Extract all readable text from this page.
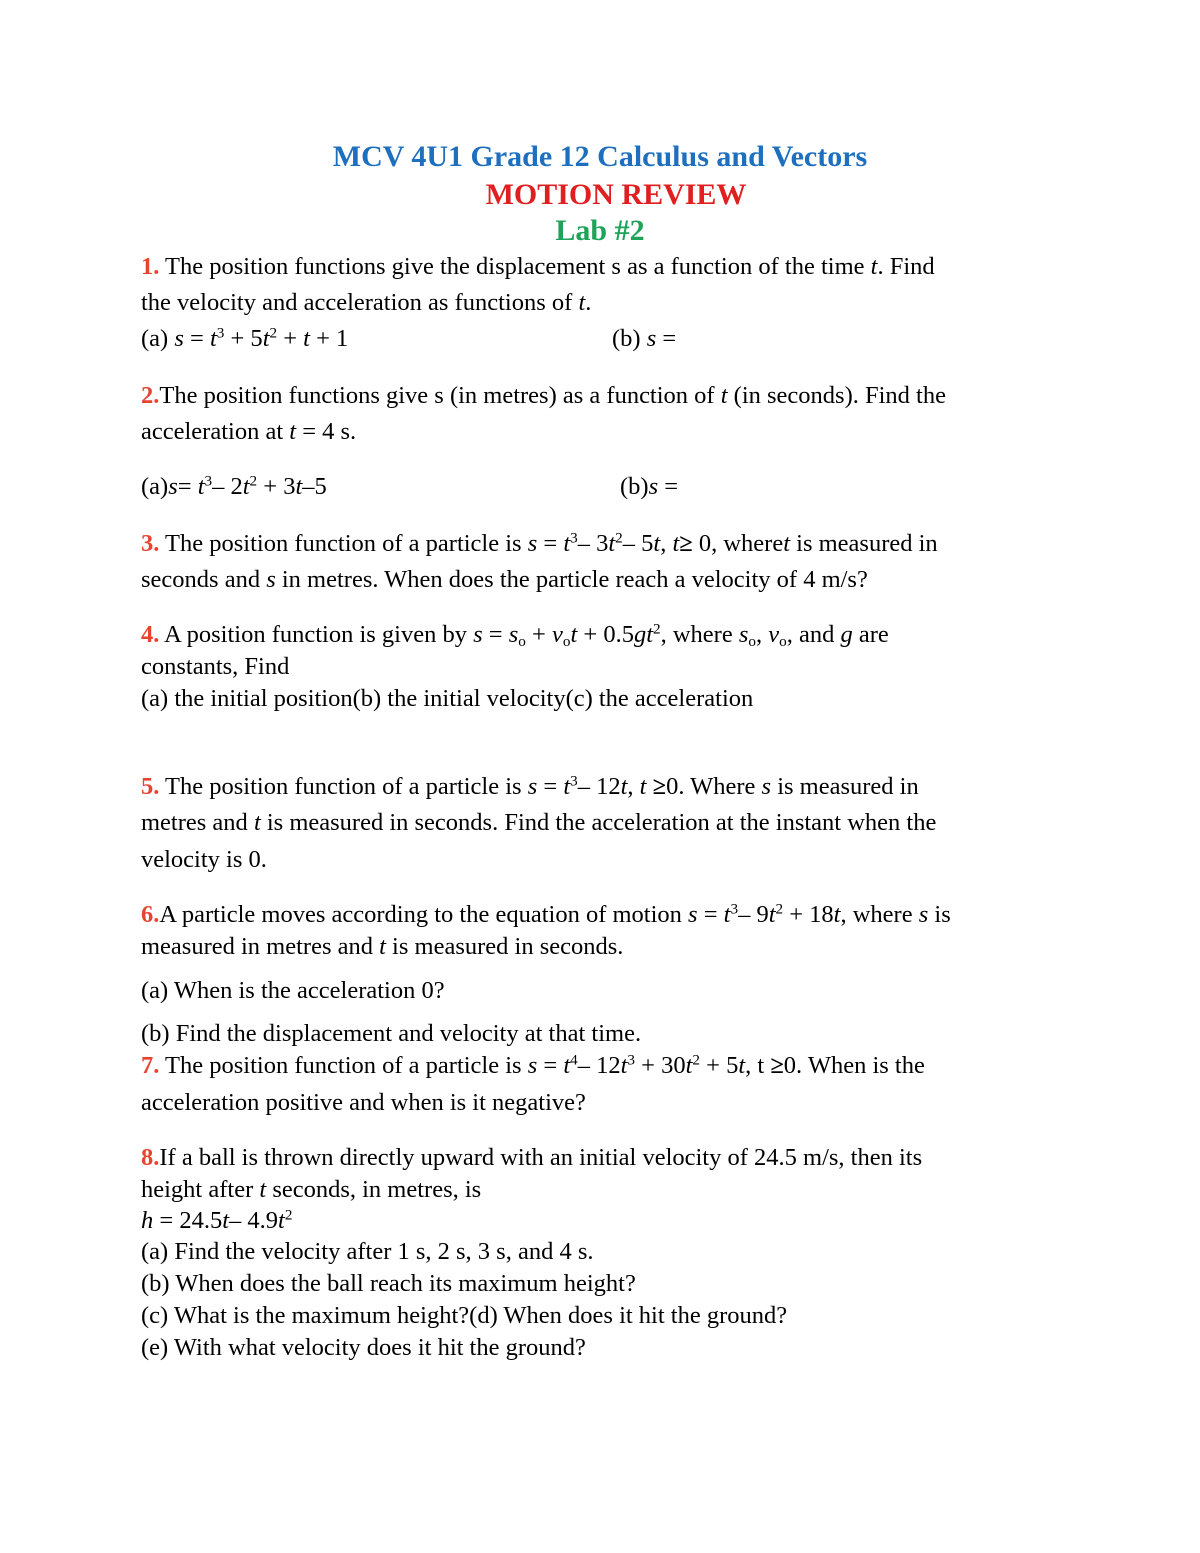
MCV 4U1 Grade 12 Calculus and Vectors
MOTION REVIEW
Lab #2
1. The position functions give the displacement s as a function of the time t. Find
the velocity and acceleration as functions of t.
(a) $s = t^3 + 5t^2 + t + 1$	(b) s =
2.The position functions give s (in metres) as a function of t (in seconds). Find the
acceleration at t = 4 s.
$(a)s= t^3-$ $2t^2 + 3t-5$	(b)s =
3. The position function of a particle is $s = t^3-$ $3t^2-$ 5t, t≥ 0, wheret is measured in
seconds and s in metres. When does the particle reach a velocity of 4 m/s?
4. A position function is given by $s = s_o + v_ot + 0.5gt^2$, where $s_o$, $v_o$, and g are
constants, Find
(a) the initial position(b) the initial velocity(c) the acceleration
5. The position function of a particle is $s = t^3-$ 12t, t ≥0. Where s is measured in
metres and t is measured in seconds. Find the acceleration at the instant when the
velocity is 0.
6.A particle moves according to the equation of motion $s = t^3-$ $9t^2 + 18t$, where s is
measured in metres and t is measured in seconds.
(a) When is the acceleration 0?
(b) Find the displacement and velocity at that time.
7. The position function of a particle is $s = t^4-$ $12t^3 + 30t^2 + 5t$, t ≥0. When is the
acceleration positive and when is it negative?
8.If a ball is thrown directly upward with an initial velocity of 24.5 m/s, then its
height after t seconds, in metres, is
h = 24.5t– $4.9t^2$
(a) Find the velocity after 1 s, 2 s, 3 s, and 4 s.
(b) When does the ball reach its maximum height?
(c) What is the maximum height?(d) When does it hit the ground?
(e) With what velocity does it hit the ground?
